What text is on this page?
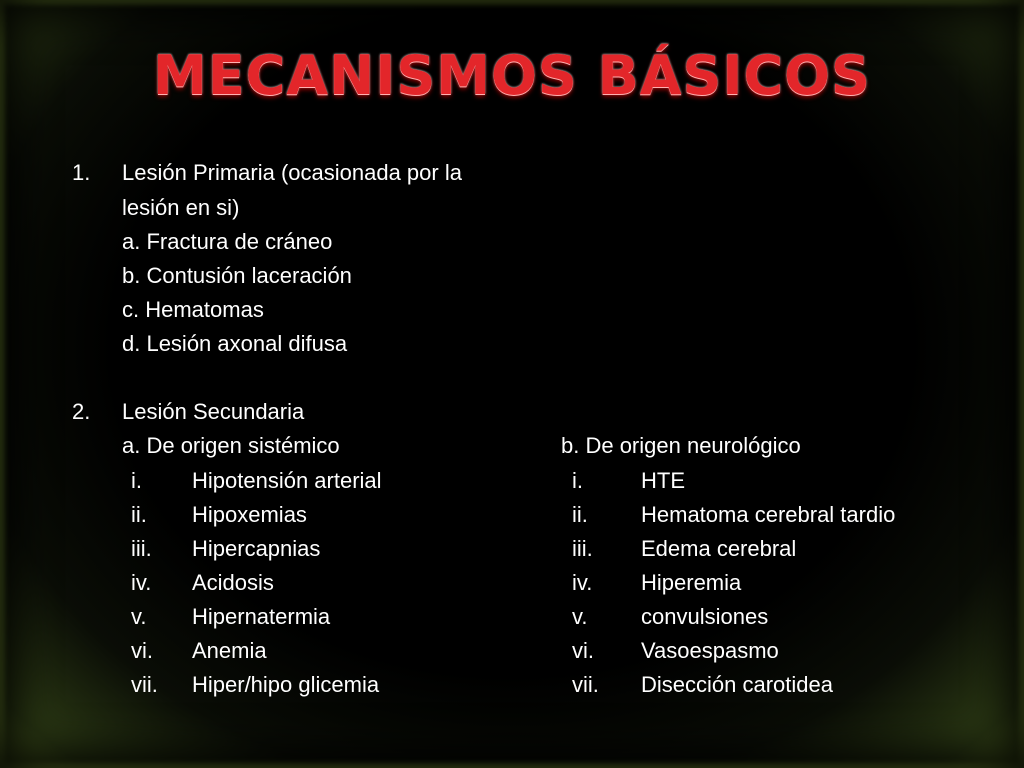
MECANISMOS BÁSICOS
1. Lesión Primaria (ocasionada por la
lesión en si)
a. Fractura de cráneo
b. Contusión laceración
c. Hematomas
d. Lesión axonal difusa
2. Lesión Secundaria
a. De origen sistémico	b. De origen neurológico
i. Hipotensión arterial
ii. Hipoxemias
iii. Hipercapnias
iv. Acidosis
v. Hipernatermia
vi. Anemia
vii. Hiper/hipo glicemia
i.	HTE
ii. Hematoma cerebral tardio
iii. Edema cerebral
iv. Hiperemia
v. convulsiones
vi. Vasoespasmo
vii. Disección carotidea
